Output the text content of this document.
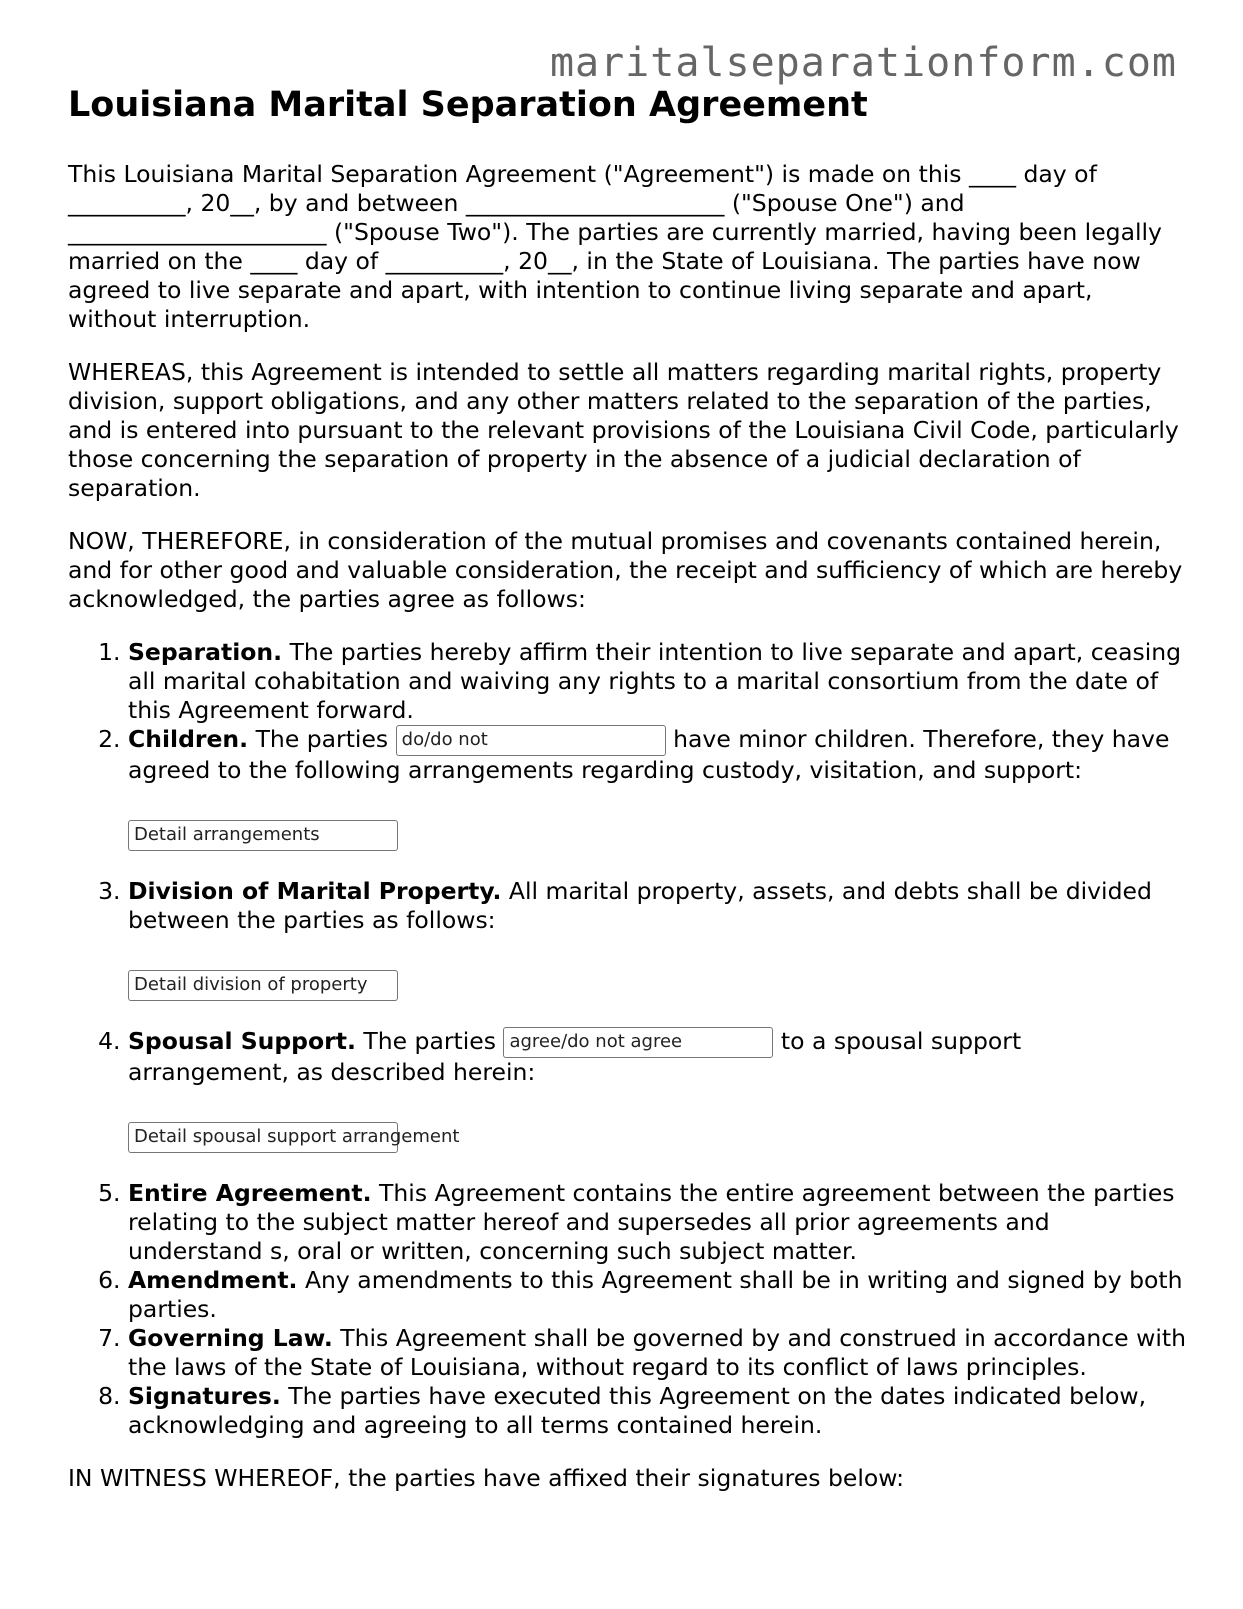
maritalseparationform.com
Louisiana Marital Separation Agreement

This Louisiana Marital Separation Agreement ("Agreement") is made on this ____ day of __________, 20__, by and between ______________________ ("Spouse One") and ______________________ ("Spouse Two"). The parties are currently married, having been legally married on the ____ day of __________, 20__, in the State of Louisiana. The parties have now agreed to live separate and apart, with intention to continue living separate and apart, without interruption.

WHEREAS, this Agreement is intended to settle all matters regarding marital rights, property division, support obligations, and any other matters related to the separation of the parties, and is entered into pursuant to the relevant provisions of the Louisiana Civil Code, particularly those concerning the separation of property in the absence of a judicial declaration of separation.

NOW, THEREFORE, in consideration of the mutual promises and covenants contained herein, and for other good and valuable consideration, the receipt and sufficiency of which are hereby acknowledged, the parties agree as follows:

1. Separation. The parties hereby affirm their intention to live separate and apart, ceasing all marital cohabitation and waiving any rights to a marital consortium from the date of this Agreement forward.
2. Children. The parties do/do not	have minor children. Therefore, they have agreed to the following arrangements regarding custody, visitation, and support:
Detail arrangements
3. Division of Marital Property. All marital property, assets, and debts shall be divided between the parties as follows:
Detail division of property
4. Spousal Support. The parties agree/do not agree	to a spousal support arrangement, as described herein:
Detail spousal support arrangement
5. Entire Agreement. This Agreement contains the entire agreement between the parties relating to the subject matter hereof and supersedes all prior agreements and understand s, oral or written, concerning such subject matter.
6. Amendment. Any amendments to this Agreement shall be in writing and signed by both parties.
7. Governing Law. This Agreement shall be governed by and construed in accordance with the laws of the State of Louisiana, without regard to its conflict of laws principles.
8. Signatures. The parties have executed this Agreement on the dates indicated below, acknowledging and agreeing to all terms contained herein.

IN WITNESS WHEREOF, the parties have affixed their signatures below:
